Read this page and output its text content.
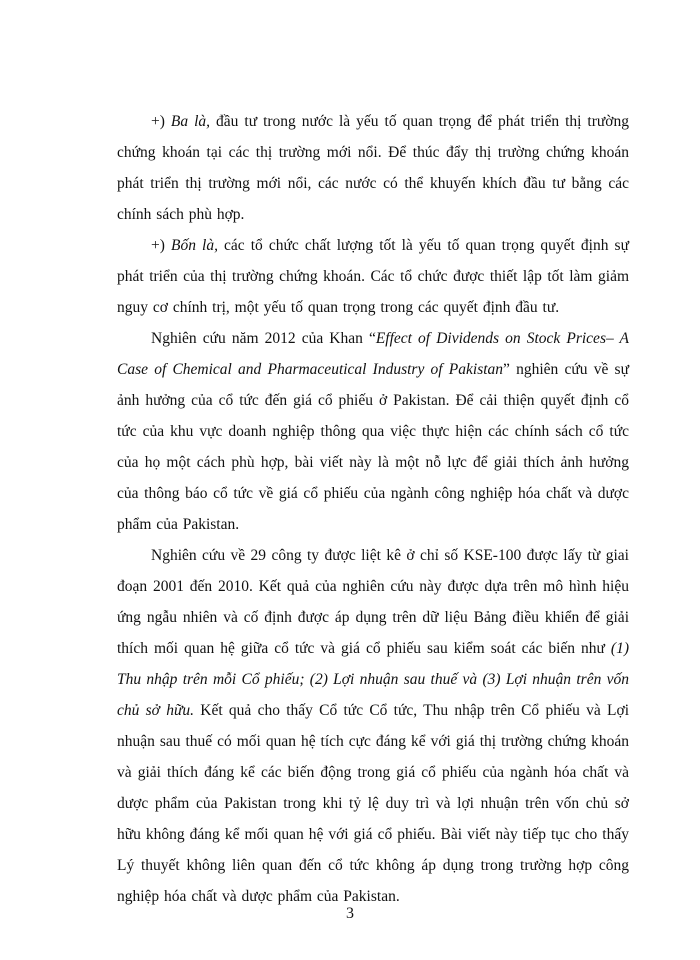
+) Ba là, đầu tư trong nước là yếu tố quan trọng để phát triển thị trường chứng khoán tại các thị trường mới nổi. Để thúc đẩy thị trường chứng khoán phát triển thị trường mới nổi, các nước có thể khuyến khích đầu tư bằng các chính sách phù hợp.

+) Bốn là, các tổ chức chất lượng tốt là yếu tố quan trọng quyết định sự phát triển của thị trường chứng khoán. Các tổ chức được thiết lập tốt làm giảm nguy cơ chính trị, một yếu tố quan trọng trong các quyết định đầu tư.

Nghiên cứu năm 2012 của Khan “Effect of Dividends on Stock Prices– A Case of Chemical and Pharmaceutical Industry of Pakistan” nghiên cứu về sự ảnh hưởng của cổ tức đến giá cổ phiếu ở Pakistan. Để cải thiện quyết định cổ tức của khu vực doanh nghiệp thông qua việc thực hiện các chính sách cổ tức của họ một cách phù hợp, bài viết này là một nỗ lực để giải thích ảnh hưởng của thông báo cổ tức về giá cổ phiếu của ngành công nghiệp hóa chất và dược phẩm của Pakistan.

Nghiên cứu về 29 công ty được liệt kê ở chỉ số KSE-100 được lấy từ giai đoạn 2001 đến 2010. Kết quả của nghiên cứu này được dựa trên mô hình hiệu ứng ngẫu nhiên và cố định được áp dụng trên dữ liệu Bảng điều khiển để giải thích mối quan hệ giữa cổ tức và giá cổ phiếu sau kiểm soát các biến như (1) Thu nhập trên mỗi Cổ phiếu; (2) Lợi nhuận sau thuế và (3) Lợi nhuận trên vốn chủ sở hữu. Kết quả cho thấy Cổ tức Cổ tức, Thu nhập trên Cổ phiếu và Lợi nhuận sau thuế có mối quan hệ tích cực đáng kể với giá thị trường chứng khoán và giải thích đáng kể các biến động trong giá cổ phiếu của ngành hóa chất và dược phẩm của Pakistan trong khi tỷ lệ duy trì và lợi nhuận trên vốn chủ sở hữu không đáng kể mối quan hệ với giá cổ phiếu. Bài viết này tiếp tục cho thấy Lý thuyết không liên quan đến cổ tức không áp dụng trong trường hợp công nghiệp hóa chất và dược phẩm của Pakistan.

3
